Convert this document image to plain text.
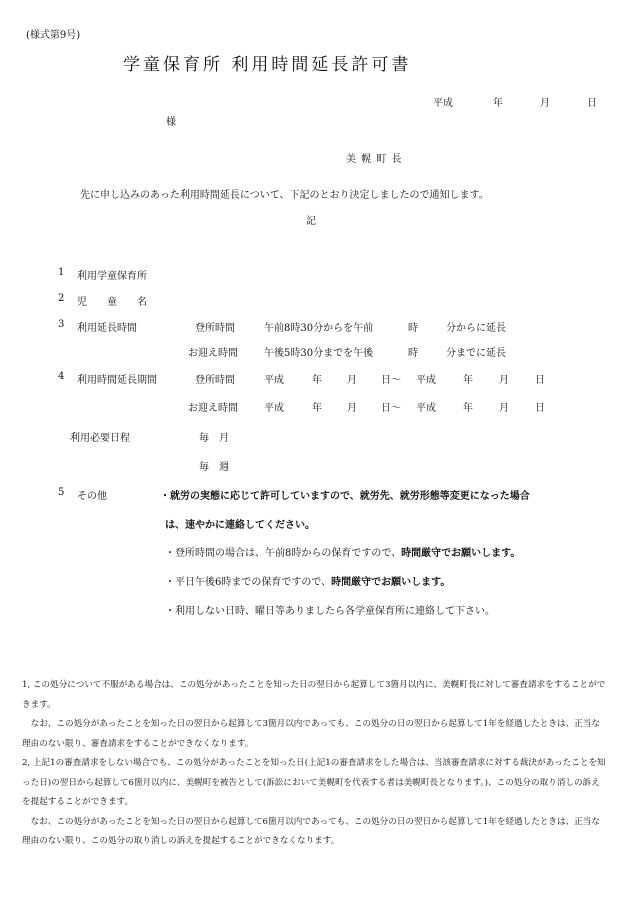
(様式第9号)
学童保育所 利用時間延長許可書
平成	年	月	日
様
美 幌 町 長
先に申し込みのあった利用時間延長について、下記のとおり決定しましたので通知します。
記
1 利用学童保育所
2 児　　童　　名
3 利用延長時間	登所時間	午前8時30分からを午前	時	分からに延長
お迎え時間	午後5時30分までを午後	時	分までに延長
4 利用時間延長期間	登所時間	平成	年	月 日〜 平成	年	月	日
お迎え時間	平成	年	月 日〜 平成	年	月	日
利用必要日程	毎　月
毎　週
5 その他	・就労の実態に応じて許可していますので、就労先、就労形態等変更になった場合
は、速やかに連絡してください。
・登所時間の場合は、午前8時からの保育ですので、時間厳守でお願いします。
・平日午後6時までの保育ですので、時間厳守でお願いします。
・利用しない日時、曜日等ありましたら各学童保育所に連絡して下さい。

1, この処分について不服がある場合は、この処分があったことを知った日の翌日から起算して3箇月以内に、美幌町長に対して審査請求をすることができます。

なお、この処分があったことを知った日の翌日から起算して3箇月以内であっても、この処分の日の翌日から起算して1年を経過したときは、正当な理由のない限り、審査請求をすることができなくなります。

2, 上記1の審査請求をしない場合でも、この処分があったことを知った日(上記1の審査請求をした場合は、当該審査請求に対する裁決があったことを知った日)の翌日から起算して6箇月以内に、美幌町を被告として(訴訟において美幌町を代表する者は美幌町長となります。)、この処分の取り消しの訴えを提起することができます。

なお、この処分があったことを知った日の翌日から起算して6箇月以内であっても、この処分の日の翌日から起算して1年を経過したときは、正当な理由のない限り、この処分の取り消しの訴えを提起することができなくなります。
